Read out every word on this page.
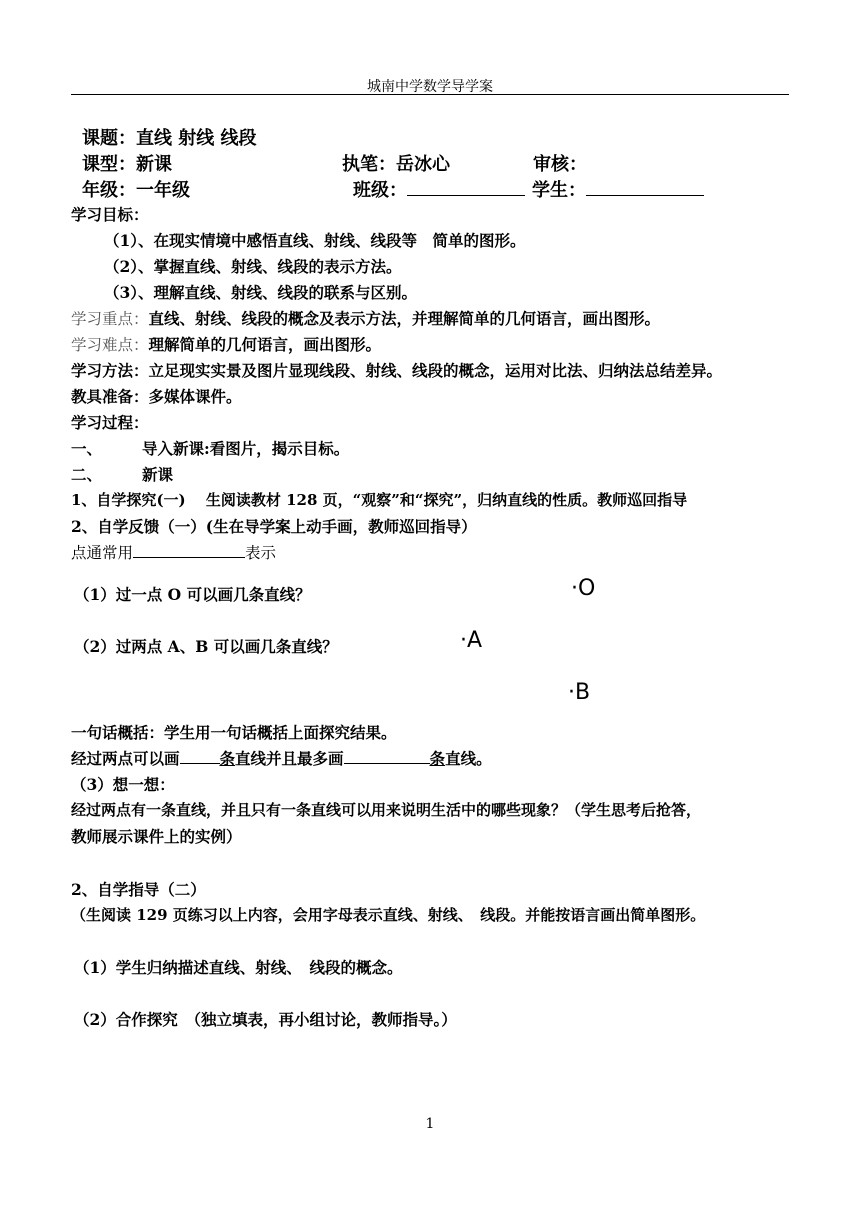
城南中学数学导学案
课题：直线 射线 线段
课型：新课	执笔：岳冰心	审核：
年级：一年级	班级：	学生：
学习目标：
（1）、在现实情境中感悟直线、射线、线段等　简单的图形。
（2）、掌握直线、射线、线段的表示方法。
（3）、理解直线、射线、线段的联系与区别。
学习重点：直线、射线、线段的概念及表示方法，并理解简单的几何语言，画出图形。
学习难点：理解简单的几何语言，画出图形。
学习方法：立足现实实景及图片显现线段、射线、线段的概念，运用对比法、归纳法总结差异。
教具准备：多媒体课件。
学习过程：
一、	导入新课:看图片，揭示目标。
二、	新课
1、自学探究(一)　 生阅读教材 128 页，“观察”和“探究”，归纳直线的性质。教师巡回指导
2、自学反馈（一）(生在导学案上动手画，教师巡回指导）
点通常用	表示
（1）过一点 O 可以画几条直线？	·O
（2）过两点 A、B 可以画几条直线？	·A
·B
一句话概括：学生用一句话概括上面探究结果。
经过两点可以画	条直线并且最多画	条直线。
（3）想一想：
经过两点有一条直线，并且只有一条直线可以用来说明生活中的哪些现象？（学生思考后抢答，
教师展示课件上的实例）
2、自学指导（二）
（生阅读 129 页练习以上内容，会用字母表示直线、射线、　线段。并能按语言画出简单图形。
（1）学生归纳描述直线、射线、　线段的概念。
（2）合作探究　（独立填表，再小组讨论，教师指导。）
1
